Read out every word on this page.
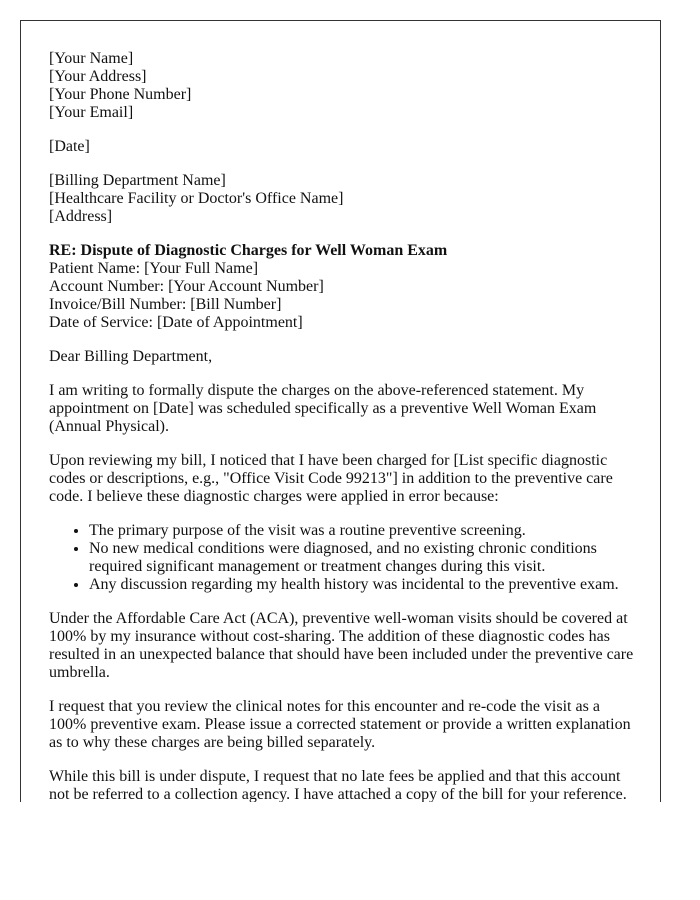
[Your Name]
[Your Address]
[Your Phone Number]
[Your Email]
[Date]
[Billing Department Name]
[Healthcare Facility or Doctor's Office Name]
[Address]
RE: Dispute of Diagnostic Charges for Well Woman Exam
Patient Name: [Your Full Name]
Account Number: [Your Account Number]
Invoice/Bill Number: [Bill Number]
Date of Service: [Date of Appointment]

Dear Billing Department,

I am writing to formally dispute the charges on the above-referenced statement. My appointment on [Date] was scheduled specifically as a preventive Well Woman Exam (Annual Physical).

Upon reviewing my bill, I noticed that I have been charged for [List specific diagnostic codes or descriptions, e.g., "Office Visit Code 99213"] in addition to the preventive care code. I believe these diagnostic charges were applied in error because:

• The primary purpose of the visit was a routine preventive screening.
• No new medical conditions were diagnosed, and no existing chronic conditions required significant management or treatment changes during this visit.
• Any discussion regarding my health history was incidental to the preventive exam.

Under the Affordable Care Act (ACA), preventive well-woman visits should be covered at 100% by my insurance without cost-sharing. The addition of these diagnostic codes has resulted in an unexpected balance that should have been included under the preventive care umbrella.

I request that you review the clinical notes for this encounter and re-code the visit as a 100% preventive exam. Please issue a corrected statement or provide a written explanation as to why these charges are being billed separately.

While this bill is under dispute, I request that no late fees be applied and that this account not be referred to a collection agency. I have attached a copy of the bill for your reference.
